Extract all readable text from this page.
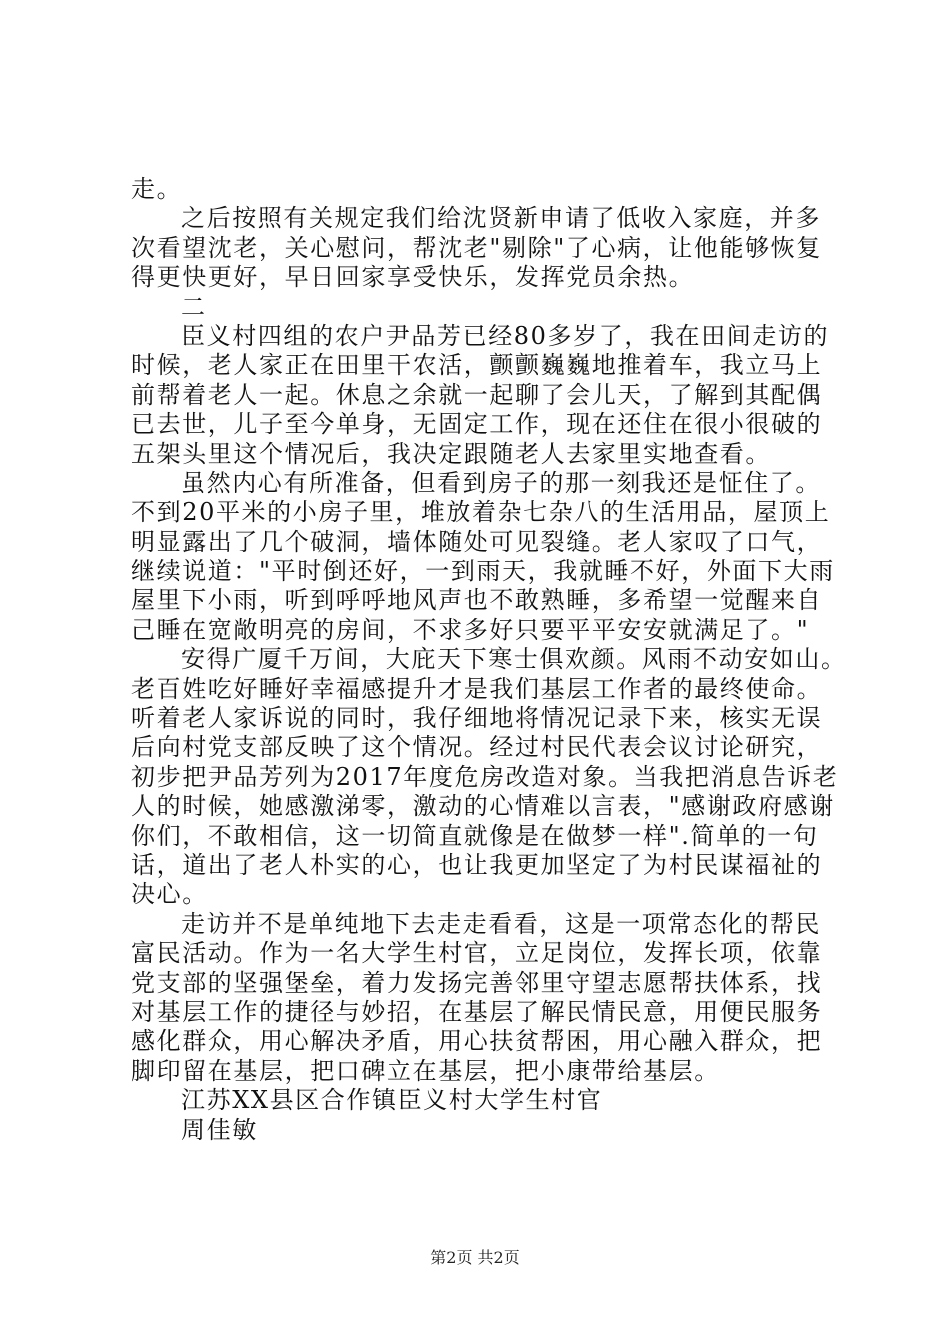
走。
之后按照有关规定我们给沈贤新申请了低收入家庭，并多
次看望沈老，关心慰问，帮沈老"剔除"了心病，让他能够恢复
得更快更好，早日回家享受快乐，发挥党员余热。
二
臣义村四组的农户尹品芳已经80多岁了，我在田间走访的
时候，老人家正在田里干农活，颤颤巍巍地推着车，我立马上
前帮着老人一起。休息之余就一起聊了会儿天，了解到其配偶
已去世，儿子至今单身，无固定工作，现在还住在很小很破的
五架头里这个情况后，我决定跟随老人去家里实地查看。
虽然内心有所准备，但看到房子的那一刻我还是怔住了。
不到20平米的小房子里，堆放着杂七杂八的生活用品，屋顶上
明显露出了几个破洞，墙体随处可见裂缝。老人家叹了口气，
继续说道："平时倒还好，一到雨天，我就睡不好，外面下大雨
屋里下小雨，听到呼呼地风声也不敢熟睡，多希望一觉醒来自
己睡在宽敞明亮的房间，不求多好只要平平安安就满足了。"
安得广厦千万间，大庇天下寒士俱欢颜。风雨不动安如山。
老百姓吃好睡好幸福感提升才是我们基层工作者的最终使命。
听着老人家诉说的同时，我仔细地将情况记录下来，核实无误
后向村党支部反映了这个情况。经过村民代表会议讨论研究，
初步把尹品芳列为2017年度危房改造对象。当我把消息告诉老
人的时候，她感激涕零，激动的心情难以言表，"感谢政府感谢
你们，不敢相信，这一切简直就像是在做梦一样".简单的一句
话，道出了老人朴实的心，也让我更加坚定了为村民谋福祉的
决心。
走访并不是单纯地下去走走看看，这是一项常态化的帮民
富民活动。作为一名大学生村官，立足岗位，发挥长项，依靠
党支部的坚强堡垒，着力发扬完善邻里守望志愿帮扶体系，找
对基层工作的捷径与妙招，在基层了解民情民意，用便民服务
感化群众，用心解决矛盾，用心扶贫帮困，用心融入群众，把
脚印留在基层，把口碑立在基层，把小康带给基层。
江苏XX县区合作镇臣义村大学生村官
周佳敏
第2页 共2页
